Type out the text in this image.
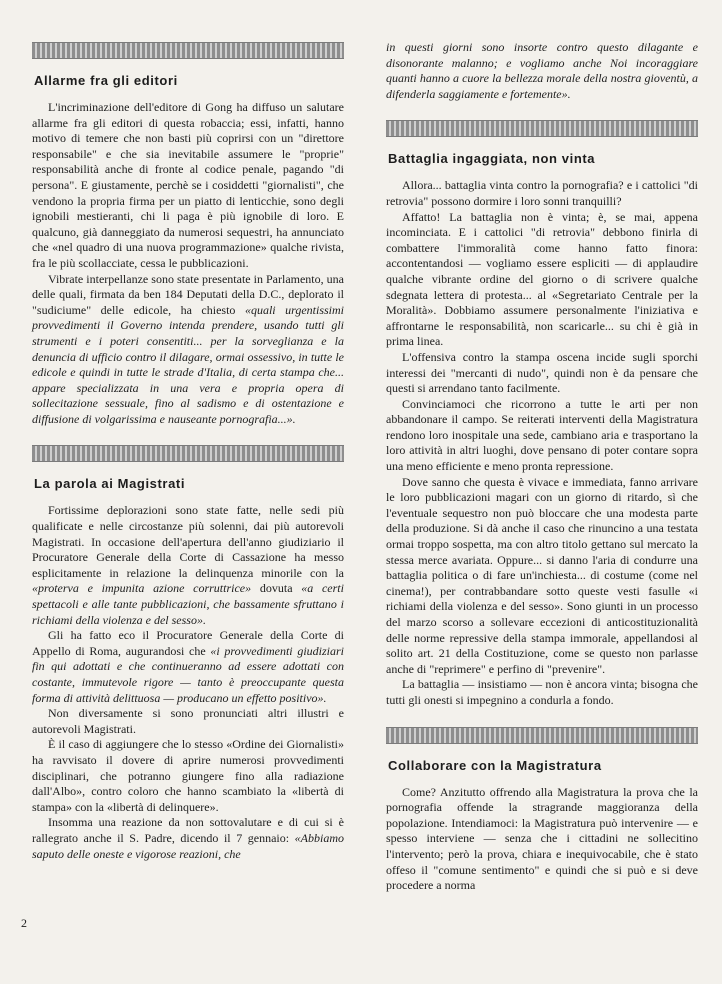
Allarme fra gli editori

L'incriminazione dell'editore di Gong ha diffuso un salutare allarme fra gli editori di questa robaccia; essi, infatti, hanno motivo di temere che non basti più coprirsi con un "direttore responsabile" e che sia inevitabile assumere le "proprie" responsabilità anche di fronte al codice penale, pagando "di persona". E giustamente, perchè se i cosiddetti "giornalisti", che vendono la propria firma per un piatto di lenticchie, sono degli ignobili mestieranti, chi li paga è più ignobile di loro. E qualcuno, già danneggiato da numerosi sequestri, ha annunciato che «nel quadro di una nuova programmazione» qualche rivista, fra le più scollacciate, cessa le pubblicazioni.

Vibrate interpellanze sono state presentate in Parlamento, una delle quali, firmata da ben 184 Deputati della D.C., deplorato il "sudiciume" delle edicole, ha chiesto «quali urgentissimi provvedimenti il Governo intenda prendere, usando tutti gli strumenti e i poteri consentiti... per la sorveglianza e la denuncia di ufficio contro il dilagare, ormai ossessivo, in tutte le edicole e quindi in tutte le strade d'Italia, di certa stampa che... appare specializzata in una vera e propria opera di sollecitazione sessuale, fino al sadismo e di ostentazione e diffusione di volgarissima e nauseante pornografia...».

La parola ai Magistrati

Fortissime deplorazioni sono state fatte, nelle sedi più qualificate e nelle circostanze più solenni, dai più autorevoli Magistrati. In occasione dell'apertura dell'anno giudiziario il Procuratore Generale della Corte di Cassazione ha messo esplicitamente in relazione la delinquenza minorile con la «proterva e impunita azione corruttrice» dovuta «a certi spettacoli e alle tante pubblicazioni, che bassamente sfruttano i richiami della violenza e del sesso».

Gli ha fatto eco il Procuratore Generale della Corte di Appello di Roma, augurandosi che «i provvedimenti giudiziari fin qui adottati e che continueranno ad essere adottati con costante, immutevole rigore — tanto è preoccupante questa forma di attività delittuosa — producano un effetto positivo».

Non diversamente si sono pronunciati altri illustri e autorevoli Magistrati.

È il caso di aggiungere che lo stesso «Ordine dei Giornalisti» ha ravvisato il dovere di aprire numerosi provvedimenti disciplinari, che potranno giungere fino alla radiazione dall'Albo», contro coloro che hanno scambiato la «libertà di stampa» con la «libertà di delinquere».

Insomma una reazione da non sottovalutare e di cui si è rallegrato anche il S. Padre, dicendo il 7 gennaio: «Abbiamo saputo delle oneste e vigorose reazioni, che

in questi giorni sono insorte contro questo dilagante e disonorante malanno; e vogliamo anche Noi incoraggiare quanti hanno a cuore la bellezza morale della nostra gioventù, a difenderla saggiamente e fortemente».

Battaglia ingaggiata, non vinta

Allora... battaglia vinta contro la pornografia? e i cattolici "di retrovia" possono dormire i loro sonni tranquilli?

Affatto! La battaglia non è vinta; è, se mai, appena incominciata. E i cattolici "di retrovia" debbono finirla di combattere l'immoralità come hanno fatto finora: accontentandosi — vogliamo essere espliciti — di applaudire qualche vibrante ordine del giorno o di scrivere qualche sdegnata lettera di protesta... al «Segretariato Centrale per la Moralità». Dobbiamo assumere personalmente l'iniziativa e affrontarne le responsabilità, non scaricarle... su chi è già in prima linea.

L'offensiva contro la stampa oscena incide sugli sporchi interessi dei "mercanti di nudo", quindi non è da pensare che questi si arrendano tanto facilmente.

Convinciamoci che ricorrono a tutte le arti per non abbandonare il campo. Se reiterati interventi della Magistratura rendono loro inospitale una sede, cambiano aria e trasportano la loro attività in altri luoghi, dove pensano di poter contare sopra una meno efficiente e meno pronta repressione.

Dove sanno che questa è vivace e immediata, fanno arrivare le loro pubblicazioni magari con un giorno di ritardo, sì che l'eventuale sequestro non può bloccare che una modesta parte della produzione. Si dà anche il caso che rinuncino a una testata ormai troppo sospetta, ma con altro titolo gettano sul mercato la stessa merce avariata. Oppure... si danno l'aria di condurre una battaglia politica o di fare un'inchiesta... di costume (come nel cinema!), per contrabbandare sotto queste vesti fasulle «i richiami della violenza e del sesso». Sono giunti in un processo del marzo scorso a sollevare eccezioni di anticostituzionalità delle norme repressive della stampa immorale, appellandosi al solito art. 21 della Costituzione, come se questo non parlasse anche di "reprimere" e perfino di "prevenire".

La battaglia — insistiamo — non è ancora vinta; bisogna che tutti gli onesti si impegnino a condurla a fondo.

Collaborare con la Magistratura

Come? Anzitutto offrendo alla Magistratura la prova che la pornografia offende la stragrande maggioranza della popolazione. Intendiamoci: la Magistratura può intervenire — e spesso interviene — senza che i cittadini ne sollecitino l'intervento; però la prova, chiara e inequivocabile, che è stato offeso il "comune sentimento" e quindi che si può e si deve procedere a norma

2
